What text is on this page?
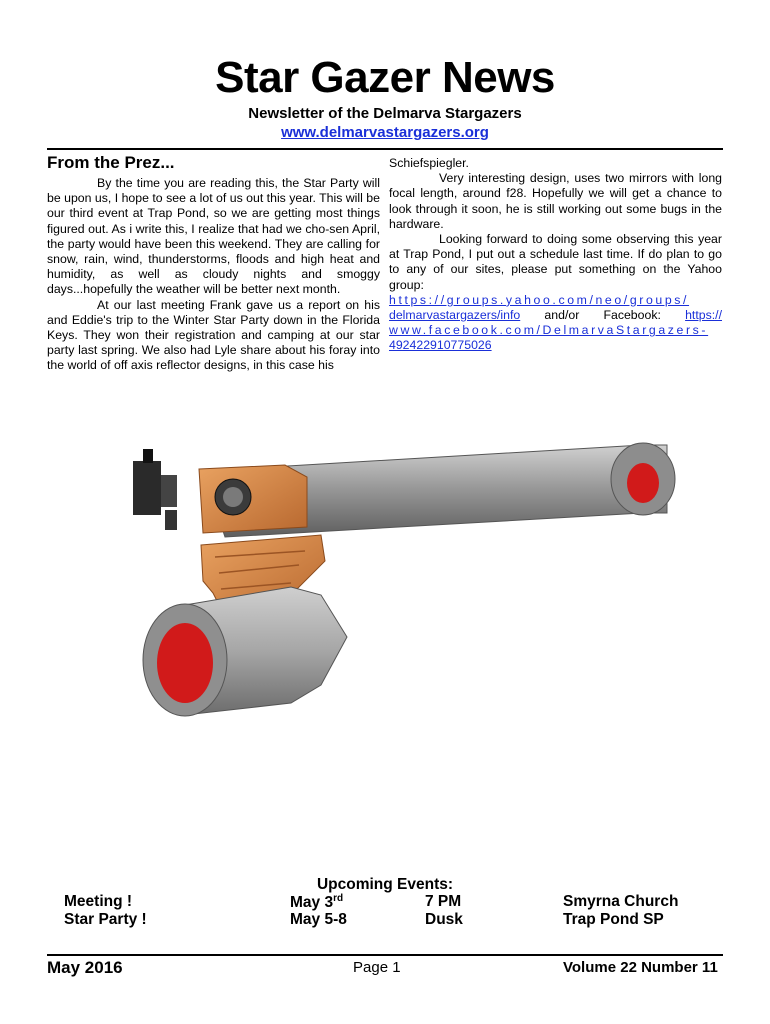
Star Gazer News
Newsletter of the Delmarva Stargazers
www.delmarvastargazers.org
From the Prez...

By the time you are reading this, the Star Party will be upon us, I hope to see a lot of us out this year. This will be our third event at Trap Pond, so we are getting most things figured out. As i write this, I realize that had we cho-sen April, the party would have been this weekend. They are calling for snow, rain, wind, thunderstorms, floods and high heat and humidity, as well as cloudy nights and smoggy days...hopefully the weather will be better next month.

At our last meeting Frank gave us a report on his and Eddie's trip to the Winter Star Party down in the Florida Keys. They won their registration and camping at our star party last spring. We also had Lyle share about his foray into the world of off axis reflector designs, in this case his

Schiefspiegler.

Very interesting design, uses two mirrors with long focal length, around f28. Hopefully we will get a chance to look through it soon, he is still working out some bugs in the hardware.

Looking forward to doing some observing this year at Trap Pond, I put out a schedule last time. If do plan to go to any of our sites, please put something on the Yahoo group: https://groups.yahoo.com/neo/groups/ delmarvastargazers/info and/or Facebook: https:// www.facebook.com/DelmarvaStargazers-492422910775026

Upcoming Events:
Meeting !	May 3rd	7 PM	Smyrna Church
Star Party !	May 5-8	Dusk	Trap Pond SP
May 2016	Page 1	Volume 22 Number 11
